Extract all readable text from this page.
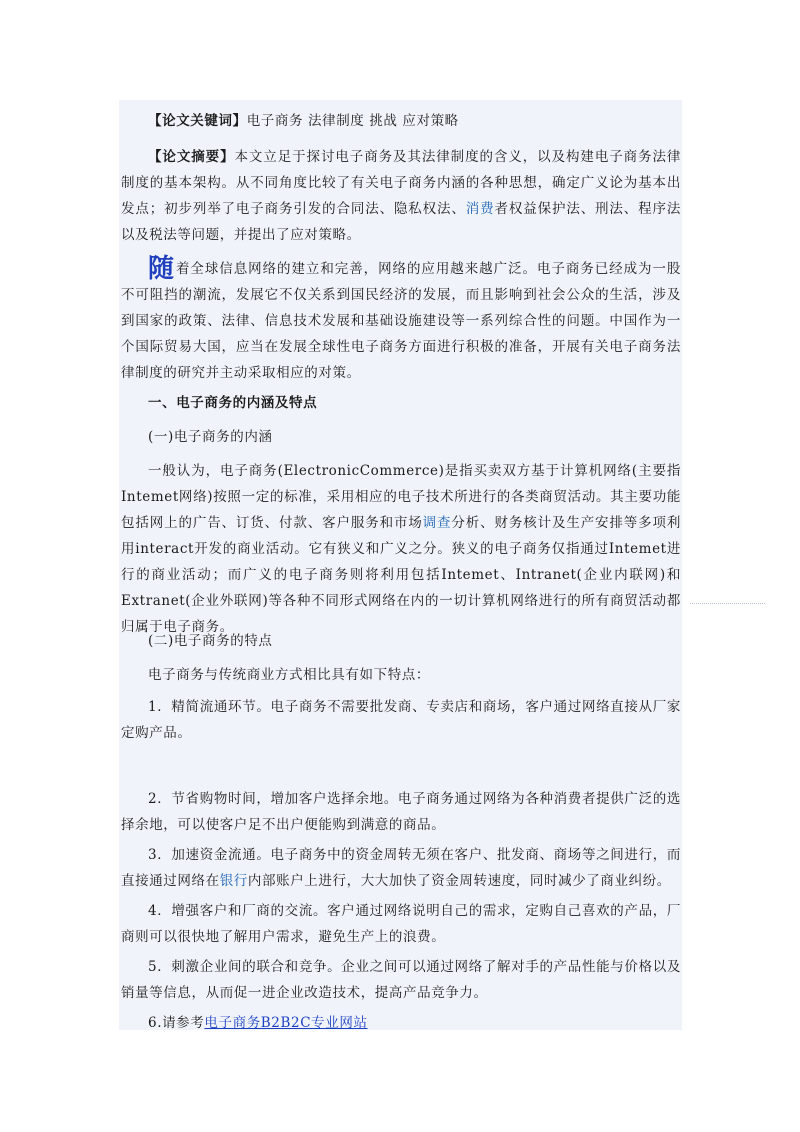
【论文关键词】电子商务 法律制度 挑战 应对策略
【论文摘要】本文立足于探讨电子商务及其法律制度的含义，以及构建电子商务法律制度的基本架构。从不同角度比较了有关电子商务内涵的各种思想，确定广义论为基本出发点；初步列举了电子商务引发的合同法、隐私权法、消费者权益保护法、刑法、程序法以及税法等问题，并提出了应对策略。
随着全球信息网络的建立和完善，网络的应用越来越广泛。电子商务已经成为一股不可阻挡的潮流，发展它不仅关系到国民经济的发展，而且影响到社会公众的生活，涉及到国家的政策、法律、信息技术发展和基础设施建设等一系列综合性的问题。中国作为一个国际贸易大国，应当在发展全球性电子商务方面进行积极的准备，开展有关电子商务法律制度的研究并主动采取相应的对策。
一、电子商务的内涵及特点
(一)电子商务的内涵
一般认为，电子商务(ElectronicCommerce)是指买卖双方基于计算机网络(主要指Intemet网络)按照一定的标准，采用相应的电子技术所进行的各类商贸活动。其主要功能包括网上的广告、订货、付款、客户服务和市场调查分析、财务核计及生产安排等多项利用interact开发的商业活动。它有狭义和广义之分。狭义的电子商务仅指通过Intemet进行的商业活动；而广义的电子商务则将利用包括Intemet、Intranet(企业内联网)和Extranet(企业外联网)等各种不同形式网络在内的一切计算机网络进行的所有商贸活动都归属于电子商务。
(二)电子商务的特点
电子商务与传统商业方式相比具有如下特点：
1．精简流通环节。电子商务不需要批发商、专卖店和商场，客户通过网络直接从厂家定购产品。
2．节省购物时间，增加客户选择余地。电子商务通过网络为各种消费者提供广泛的选择余地，可以使客户足不出户便能购到满意的商品。
3．加速资金流通。电子商务中的资金周转无须在客户、批发商、商场等之间进行，而直接通过网络在银行内部账户上进行，大大加快了资金周转速度，同时减少了商业纠纷。
4．增强客户和厂商的交流。客户通过网络说明自己的需求，定购自己喜欢的产品，厂商则可以很快地了解用户需求，避免生产上的浪费。
5．刺激企业间的联合和竞争。企业之间可以通过网络了解对手的产品性能与价格以及销量等信息，从而促一进企业改造技术，提高产品竞争力。
6.请参考电子商务B2B2C专业网站
